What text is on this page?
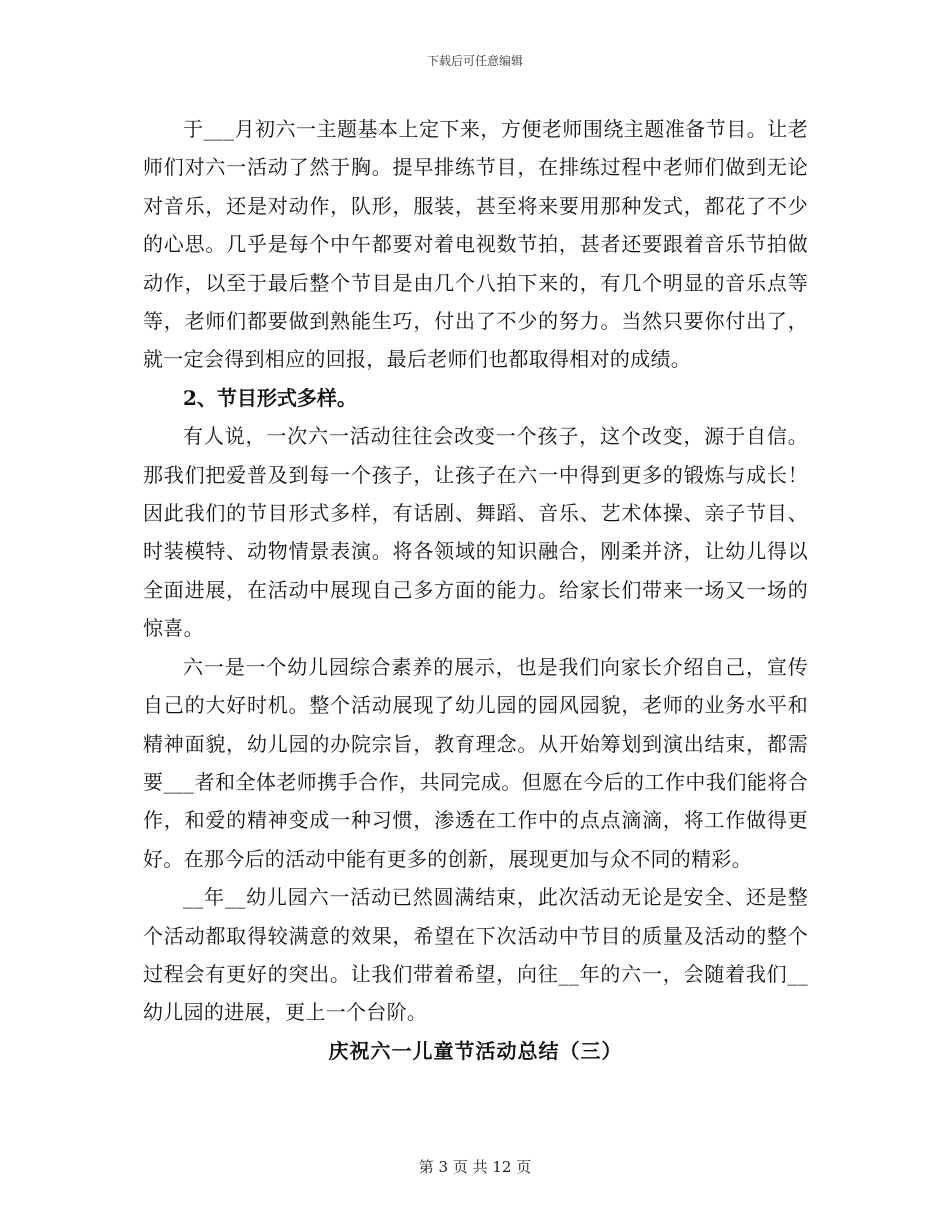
下载后可任意编辑

于___月初六一主题基本上定下来，方便老师围绕主题准备节目。让老师们对六一活动了然于胸。提早排练节目，在排练过程中老师们做到无论对音乐，还是对动作，队形，服装，甚至将来要用那种发式，都花了不少的心思。几乎是每个中午都要对着电视数节拍，甚者还要跟着音乐节拍做动作，以至于最后整个节目是由几个八拍下来的，有几个明显的音乐点等等，老师们都要做到熟能生巧，付出了不少的努力。当然只要你付出了，就一定会得到相应的回报，最后老师们也都取得相对的成绩。

2、节目形式多样。

有人说，一次六一活动往往会改变一个孩子，这个改变，源于自信。那我们把爱普及到每一个孩子，让孩子在六一中得到更多的锻炼与成长！因此我们的节目形式多样，有话剧、舞蹈、音乐、艺术体操、亲子节目、时装模特、动物情景表演。将各领域的知识融合，刚柔并济，让幼儿得以全面进展，在活动中展现自己多方面的能力。给家长们带来一场又一场的惊喜。

六一是一个幼儿园综合素养的展示，也是我们向家长介绍自己，宣传自己的大好时机。整个活动展现了幼儿园的园风园貌，老师的业务水平和精神面貌，幼儿园的办院宗旨，教育理念。从开始筹划到演出结束，都需要___者和全体老师携手合作，共同完成。但愿在今后的工作中我们能将合作，和爱的精神变成一种习惯，渗透在工作中的点点滴滴，将工作做得更好。在那今后的活动中能有更多的创新，展现更加与众不同的精彩。

__年__幼儿园六一活动已然圆满结束，此次活动无论是安全、还是整个活动都取得较满意的效果，希望在下次活动中节目的质量及活动的整个过程会有更好的突出。让我们带着希望，向往__年的六一，会随着我们__幼儿园的进展，更上一个台阶。

庆祝六一儿童节活动总结（三）

第 3 页 共 12 页
